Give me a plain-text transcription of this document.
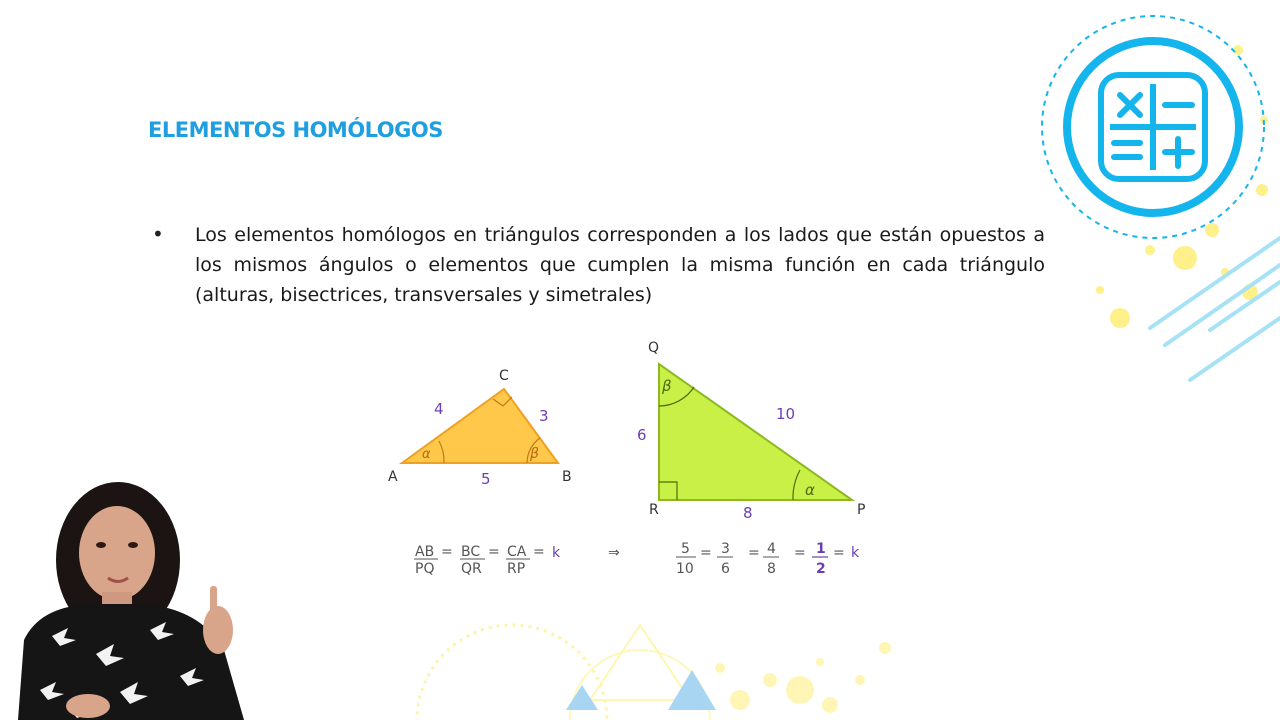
ELEMENTOS HOMÓLOGOS
• Los elementos homólogos en triángulos corresponden a los lados que están opuestos a los mismos ángulos o elementos que cumplen la misma función en cada triángulo (alturas, bisectrices, transversales y simetrales)
A	B
C
4	3
5
α	β
Q
R	P
6
10
8
β
α
AB
PQ
= BC
QR
= CA
RP
= k	⇒	5
10
= 3
6
= 4
8
= 1
2
= k
